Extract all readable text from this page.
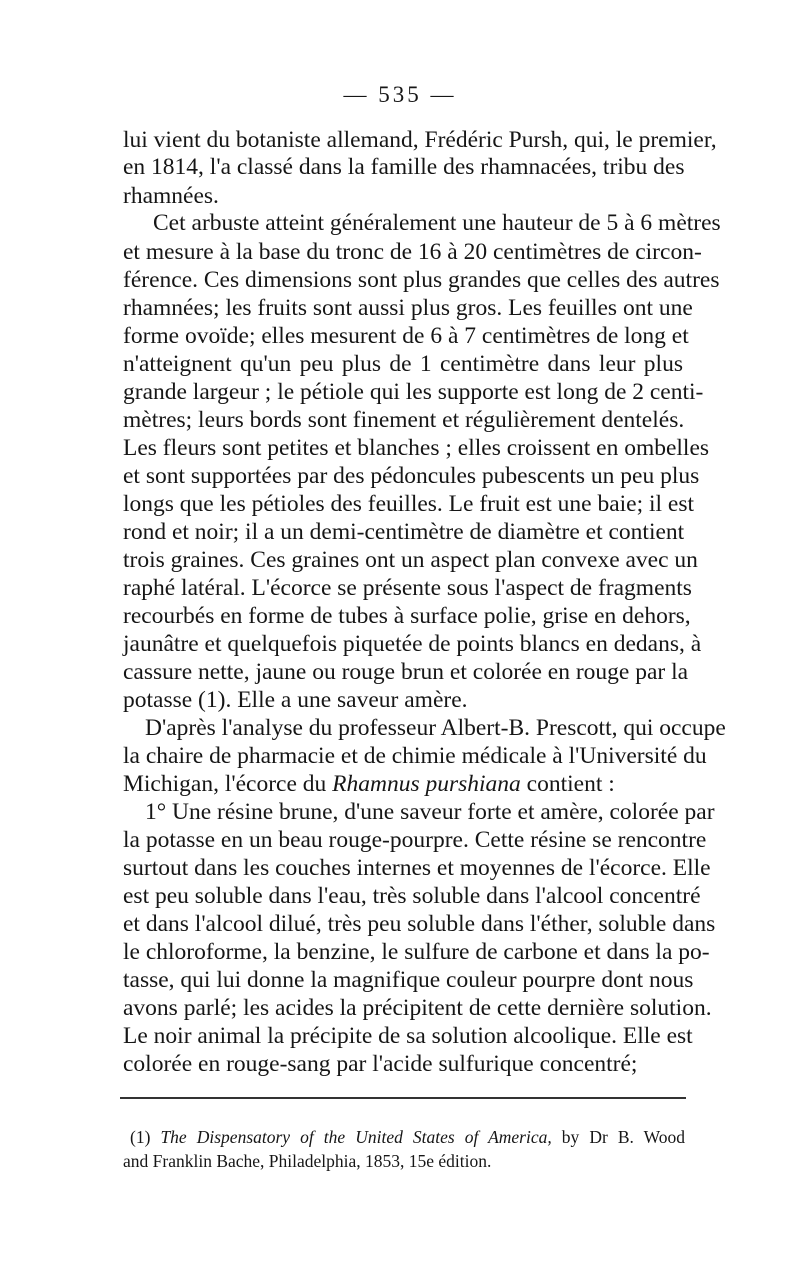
— 535 —
lui vient du botaniste allemand, Frédéric Pursh, qui, le premier,
en 1814, l'a classé dans la famille des rhamnacées, tribu des
rhamnées.
Cet arbuste atteint généralement une hauteur de 5 à 6 mètres
et mesure à la base du tronc de 16 à 20 centimètres de circon-
férence. Ces dimensions sont plus grandes que celles des autres
rhamnées; les fruits sont aussi plus gros. Les feuilles ont une
forme ovoïde; elles mesurent de 6 à 7 centimètres de long et
n'atteignent qu'un peu plus de 1 centimètre dans leur plus
grande largeur ; le pétiole qui les supporte est long de 2 centi-
mètres; leurs bords sont finement et régulièrement dentelés.
Les fleurs sont petites et blanches ; elles croissent en ombelles
et sont supportées par des pédoncules pubescents un peu plus
longs que les pétioles des feuilles. Le fruit est une baie; il est
rond et noir; il a un demi-centimètre de diamètre et contient
trois graines. Ces graines ont un aspect plan convexe avec un
raphé latéral. L'écorce se présente sous l'aspect de fragments
recourbés en forme de tubes à surface polie, grise en dehors,
jaunâtre et quelquefois piquetée de points blancs en dedans, à
cassure nette, jaune ou rouge brun et colorée en rouge par la
potasse (1). Elle a une saveur amère.
D'après l'analyse du professeur Albert-B. Prescott, qui occupe
la chaire de pharmacie et de chimie médicale à l'Université du
Michigan, l'écorce du Rhamnus purshiana contient :
1° Une résine brune, d'une saveur forte et amère, colorée par
la potasse en un beau rouge-pourpre. Cette résine se rencontre
surtout dans les couches internes et moyennes de l'écorce. Elle
est peu soluble dans l'eau, très soluble dans l'alcool concentré
et dans l'alcool dilué, très peu soluble dans l'éther, soluble dans
le chloroforme, la benzine, le sulfure de carbone et dans la po-
tasse, qui lui donne la magnifique couleur pourpre dont nous
avons parlé; les acides la précipitent de cette dernière solution.
Le noir animal la précipite de sa solution alcoolique. Elle est
colorée en rouge-sang par l'acide sulfurique concentré;
(1) The Dispensatory of the United States of America, by Dr B. Wood
and Franklin Bache, Philadelphia, 1853, 15e édition.
